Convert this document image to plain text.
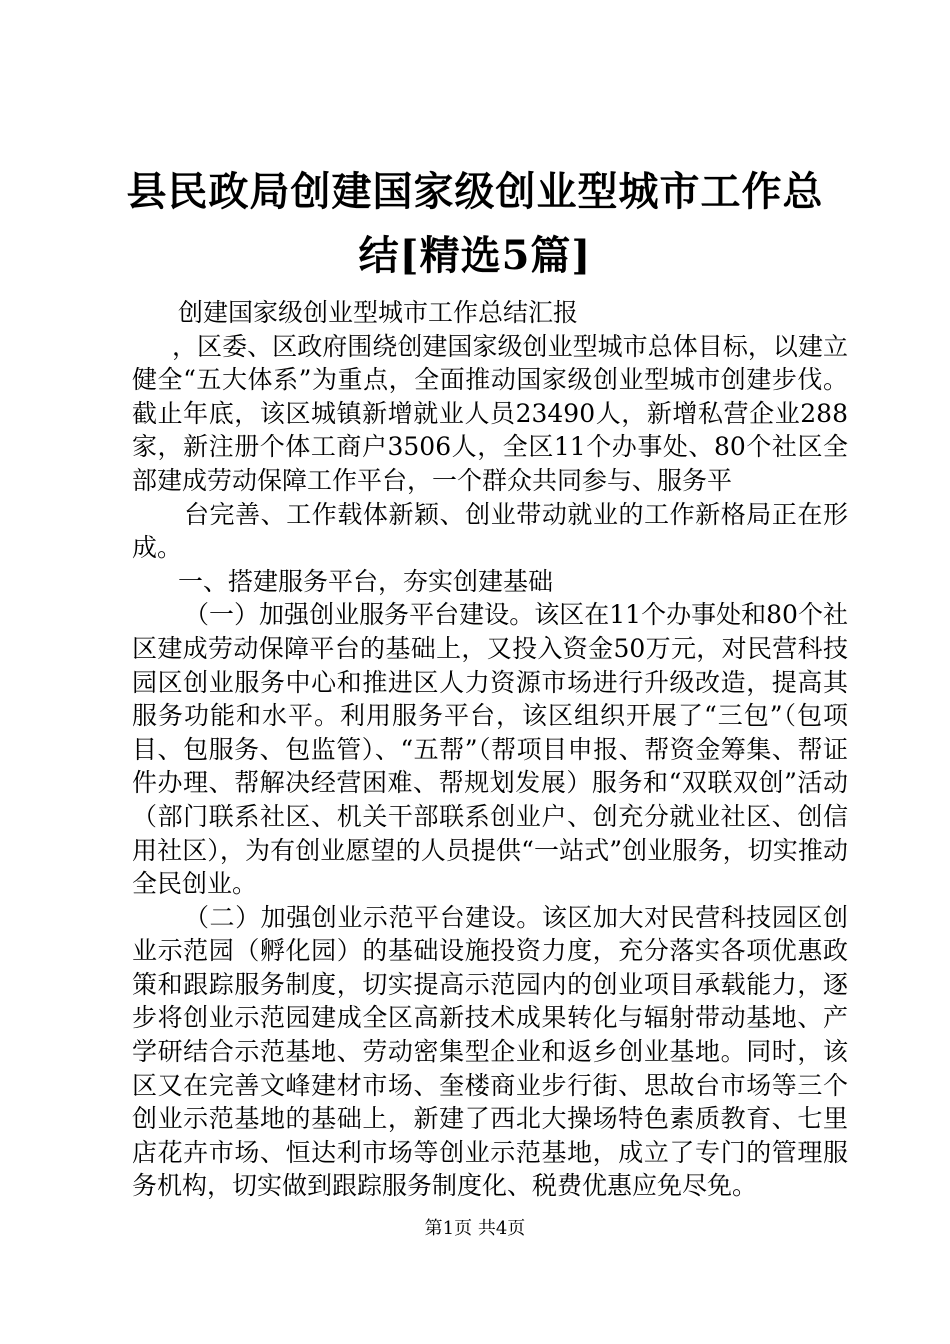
县民政局创建国家级创业型城市工作总结[精选5篇]

创建国家级创业型城市工作总结汇报

，区委、区政府围绕创建国家级创业型城市总体目标，以建立健全“五大体系”为重点，全面推动国家级创业型城市创建步伐。截止年底，该区城镇新增就业人员23490人，新增私营企业288家，新注册个体工商户3506人，全区11个办事处、80个社区全部建成劳动保障工作平台，一个群众共同参与、服务平

台完善、工作载体新颖、创业带动就业的工作新格局正在形成。

一、搭建服务平台，夯实创建基础

（一）加强创业服务平台建设。该区在11个办事处和80个社区建成劳动保障平台的基础上，又投入资金50万元，对民营科技园区创业服务中心和推进区人力资源市场进行升级改造，提高其服务功能和水平。利用服务平台，该区组织开展了“三包”（包项目、包服务、包监管）、“五帮”（帮项目申报、帮资金筹集、帮证件办理、帮解决经营困难、帮规划发展）服务和“双联双创”活动（部门联系社区、机关干部联系创业户、创充分就业社区、创信用社区），为有创业愿望的人员提供“一站式”创业服务，切实推动全民创业。

（二）加强创业示范平台建设。该区加大对民营科技园区创业示范园（孵化园）的基础设施投资力度，充分落实各项优惠政策和跟踪服务制度，切实提高示范园内的创业项目承载能力，逐步将创业示范园建成全区高新技术成果转化与辐射带动基地、产学研结合示范基地、劳动密集型企业和返乡创业基地。同时，该区又在完善文峰建材市场、奎楼商业步行街、思故台市场等三个创业示范基地的基础上，新建了西北大操场特色素质教育、七里店花卉市场、恒达利市场等创业示范基地，成立了专门的管理服务机构，切实做到跟踪服务制度化、税费优惠应免尽免。

第1页 共4页
